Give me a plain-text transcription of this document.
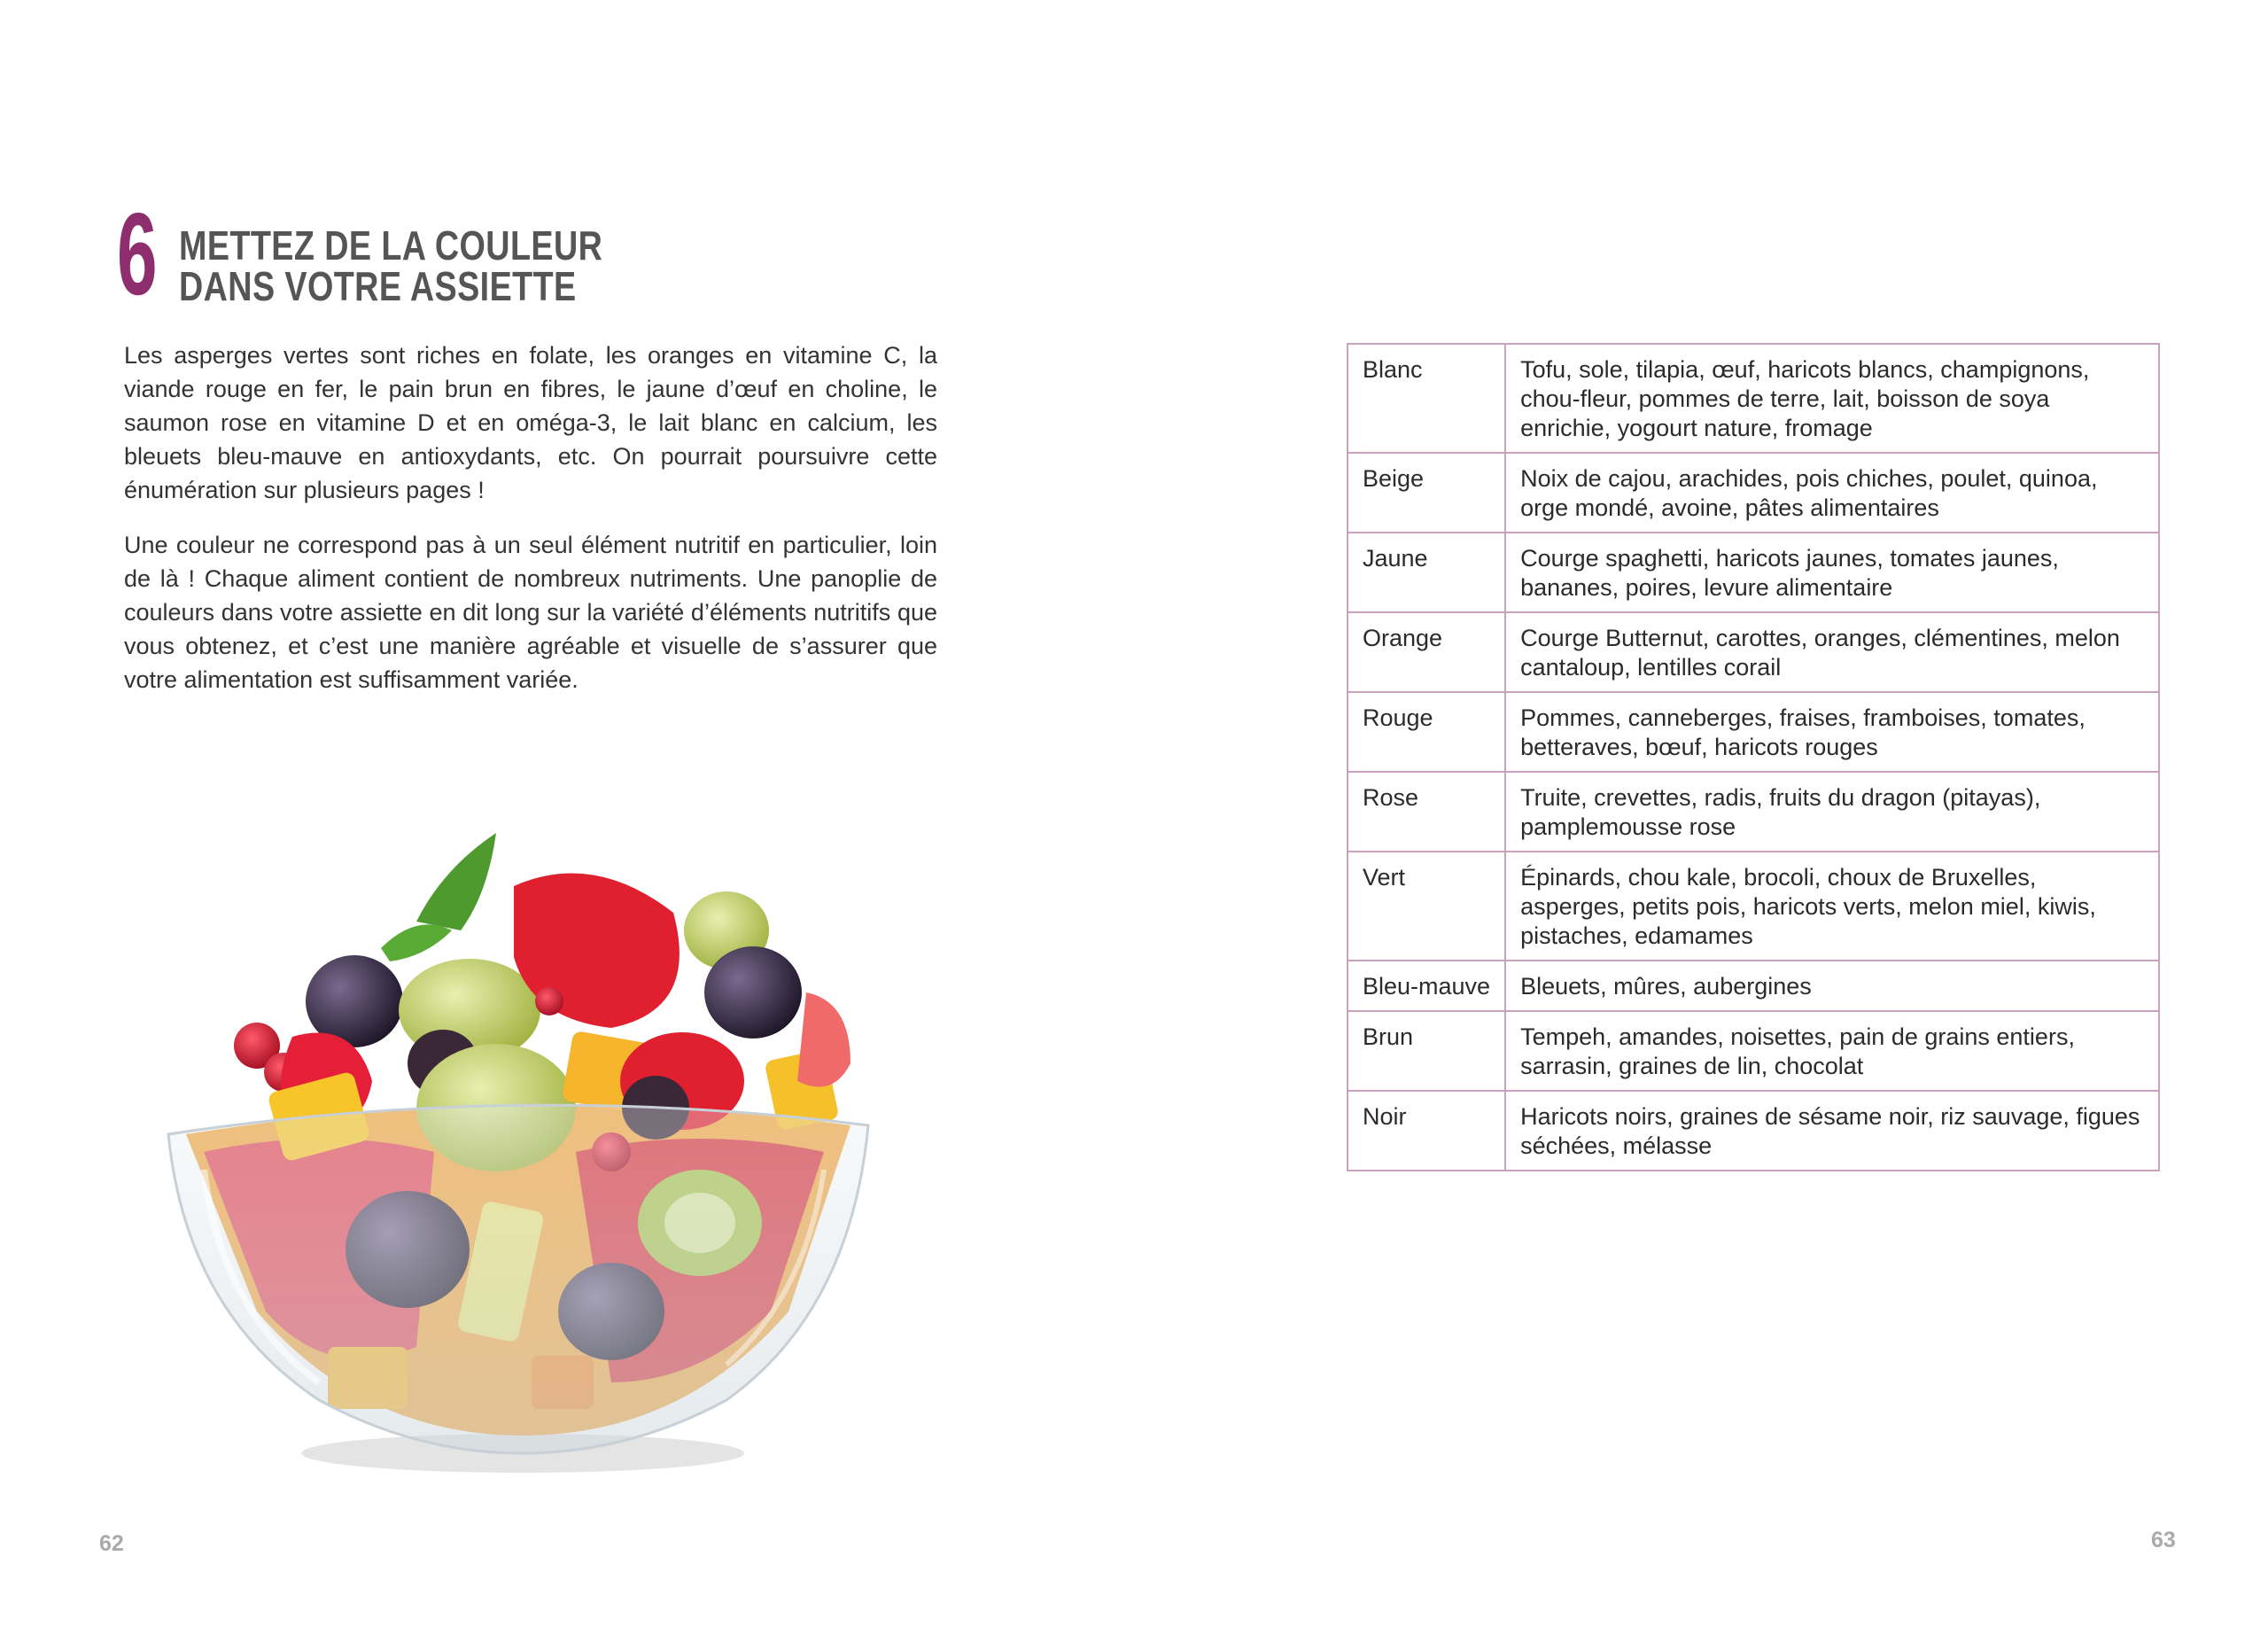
6 METTEZ DE LA COULEUR
DANS VOTRE ASSIETTE

Les asperges vertes sont riches en folate, les oranges en vitamine C, la viande rouge en fer, le pain brun en fibres, le jaune d’œuf en choline, le saumon rose en vitamine D et en oméga-3, le lait blanc en calcium, les bleuets bleu-mauve en antioxydants, etc. On pourrait poursuivre cette énumération sur plusieurs pages !

Une couleur ne correspond pas à un seul élément nutritif en particulier, loin de là ! Chaque aliment contient de nombreux nutriments. Une panoplie de couleurs dans votre assiette en dit long sur la variété d’éléments nutritifs que vous obtenez, et c’est une manière agréable et visuelle de s’assurer que votre alimentation est suffisamment variée.

62
Blanc	Tofu, sole, tilapia, œuf, haricots blancs, champignons, chou-fleur, pommes de terre, lait, boisson de soya enrichie, yogourt nature, fromage
Beige	Noix de cajou, arachides, pois chiches, poulet, quinoa, orge mondé, avoine, pâtes alimentaires
Jaune	Courge spaghetti, haricots jaunes, tomates jaunes, bananes, poires, levure alimentaire
Orange	Courge Butternut, carottes, oranges, clémentines, melon cantaloup, lentilles corail
Rouge	Pommes, canneberges, fraises, framboises, tomates, betteraves, bœuf, haricots rouges
Rose	Truite, crevettes, radis, fruits du dragon (pitayas), pamplemousse rose
Vert	Épinards, chou kale, brocoli, choux de Bruxelles, asperges, petits pois, haricots verts, melon miel, kiwis, pistaches, edamames
Bleu-mauve	Bleuets, mûres, aubergines
Brun	Tempeh, amandes, noisettes, pain de grains entiers, sarrasin, graines de lin, chocolat
Noir	Haricots noirs, graines de sésame noir, riz sauvage, figues séchées, mélasse
63
